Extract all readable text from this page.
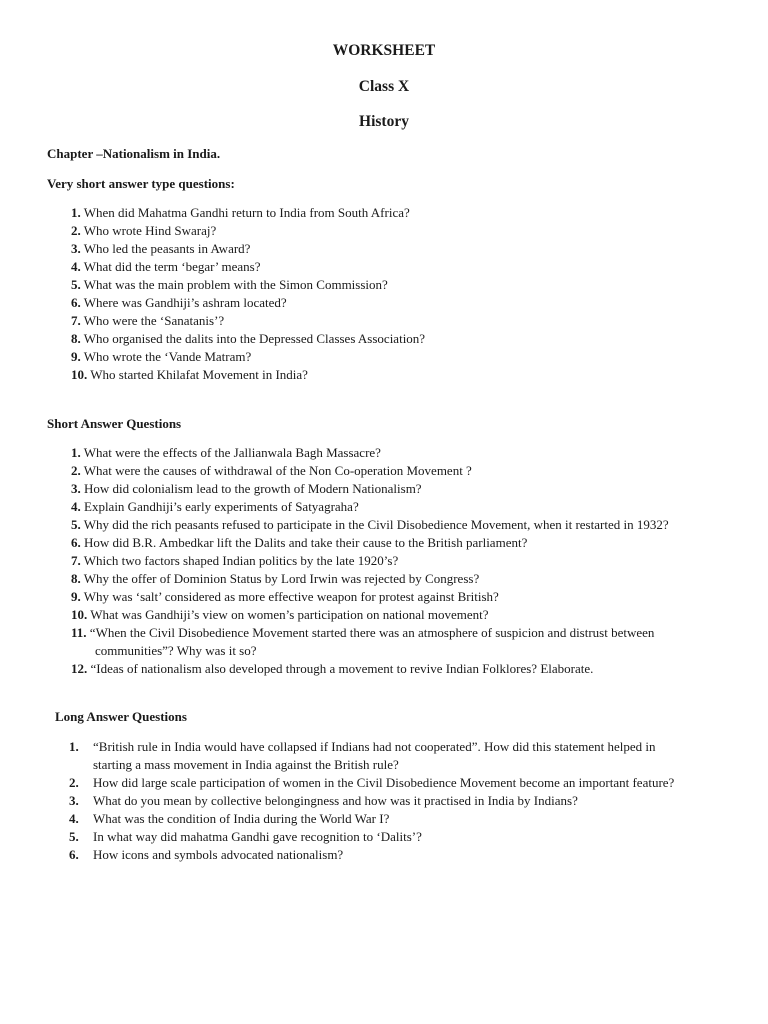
WORKSHEET
Class X
History
Chapter –Nationalism in India.
Very short answer type questions:
1. When did Mahatma Gandhi return to India from South Africa?
2. Who wrote Hind Swaraj?
3. Who led the peasants in Award?
4. What did the term ‘begar’ means?
5. What was the main problem with the Simon Commission?
6. Where was Gandhiji’s ashram located?
7. Who were the ‘Sanatanis’?
8. Who organised the dalits into the Depressed Classes Association?
9. Who wrote the ‘Vande Matram?
10. Who started Khilafat Movement in India?
Short Answer Questions
1. What were the effects of the Jallianwala Bagh Massacre?
2. What were the causes of withdrawal of the Non Co-operation Movement ?
3. How did colonialism lead to the growth of Modern Nationalism?
4. Explain Gandhiji’s early experiments of Satyagraha?
5. Why did the rich peasants refused to participate in the Civil Disobedience Movement, when it restarted in 1932?
6. How did B.R. Ambedkar lift the Dalits and take their cause to the British parliament?
7. Which two factors shaped Indian politics by the late 1920’s?
8. Why the offer of Dominion Status by Lord Irwin was rejected by Congress?
9. Why was ‘salt’ considered as more effective weapon for protest against British?
10. What was Gandhiji’s view on women’s participation on national movement?
11. “When the Civil Disobedience Movement started there was an atmosphere of suspicion and distrust between communities”? Why was it so?
12. “Ideas of nationalism also developed through a movement to revive Indian Folklores? Elaborate.
Long Answer Questions
1. “British rule in India would have collapsed if Indians had not cooperated”. How did this statement helped in starting a mass movement in India against the British rule?
2. How did large scale participation of women in the Civil Disobedience Movement become an important feature?
3. What do you mean by collective belongingness and how was it practised in India by Indians?
4. What was the condition of India during the World War I?
5. In what way did mahatma Gandhi gave recognition to ‘Dalits’?
6. How icons and symbols advocated nationalism?
